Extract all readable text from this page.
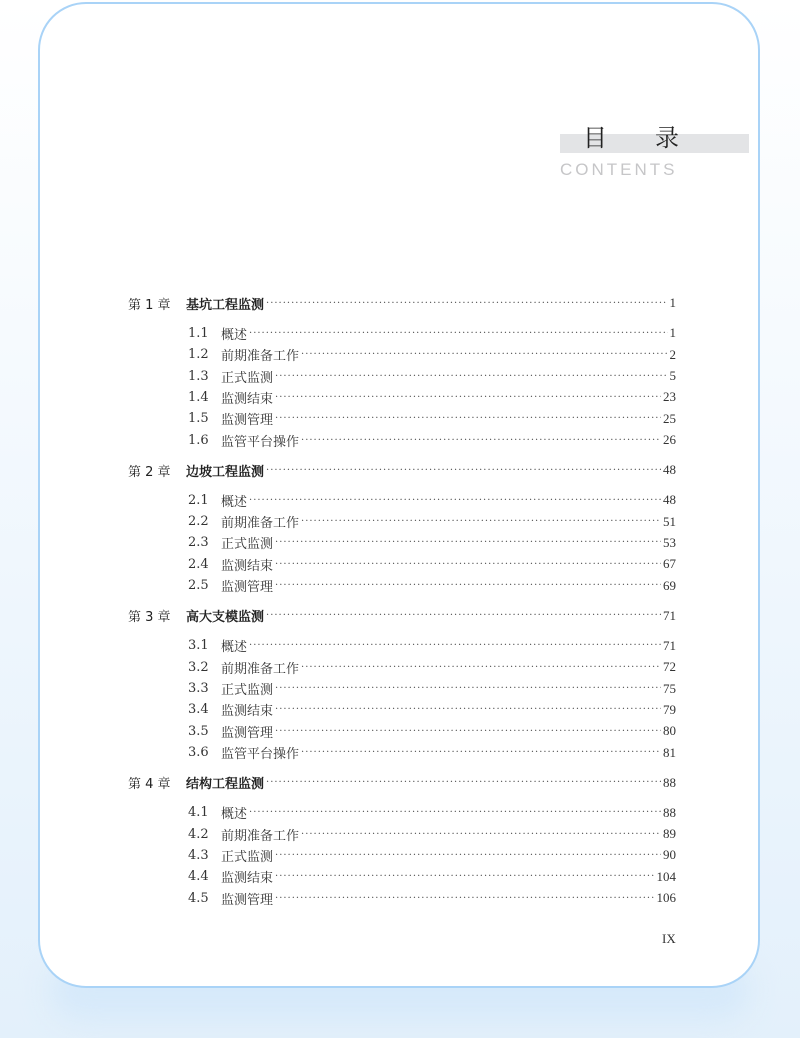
目 录
CONTENTS
第 1 章	基坑工程监测 ·····	1
1.1 概述 ·····	1
1.2 前期准备工作 ·····	2
1.3 正式监测 ·····	5
1.4 监测结束 ·····	23
1.5 监测管理 ·····	25
1.6 监管平台操作 ·····	26
第 2 章	边坡工程监测 ·····	48
2.1 概述 ·····	48
2.2 前期准备工作 ·····	51
2.3 正式监测 ·····	53
2.4 监测结束 ·····	67
2.5 监测管理 ·····	69
第 3 章	高大支模监测 ·····	71
3.1 概述 ·····	71
3.2 前期准备工作 ·····	72
3.3 正式监测 ·····	75
3.4 监测结束 ·····	79
3.5 监测管理 ·····	80
3.6 监管平台操作 ·····	81
第 4 章	结构工程监测 ·····	88
4.1 概述 ·····	88
4.2 前期准备工作 ·····	89
4.3 正式监测 ·····	90
4.4 监测结束 ·····	104
4.5 监测管理 ·····	106
IX
